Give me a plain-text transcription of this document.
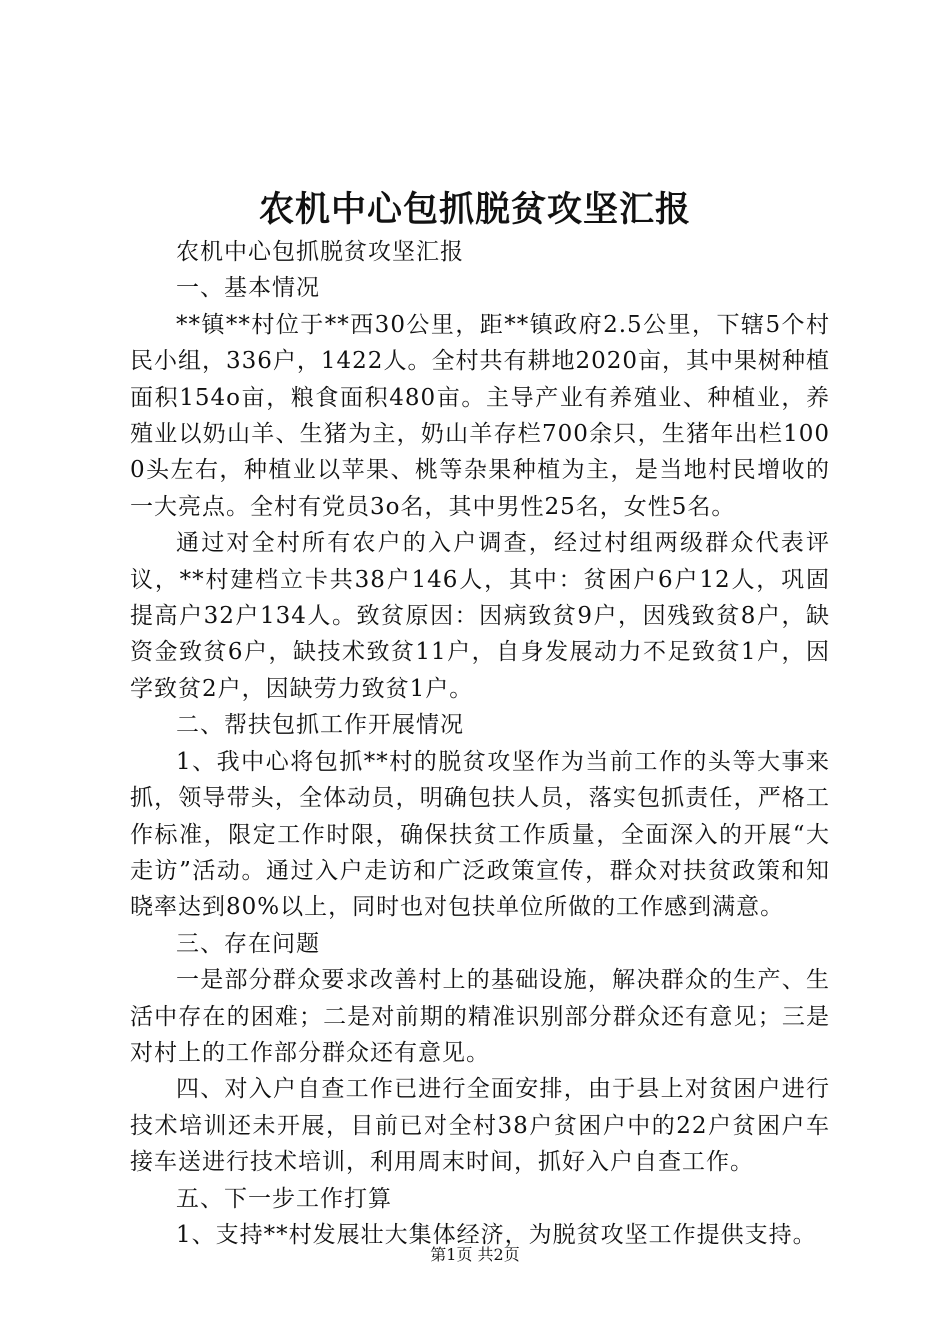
农机中心包抓脱贫攻坚汇报

农机中心包抓脱贫攻坚汇报

一、基本情况

**镇**村位于**西30公里，距**镇政府2.5公里，下辖5个村民小组，336户，1422人。全村共有耕地2020亩，其中果树种植面积154o亩，粮食面积480亩。主导产业有养殖业、种植业，养殖业以奶山羊、生猪为主，奶山羊存栏700余只，生猪年出栏1000头左右，种植业以苹果、桃等杂果种植为主，是当地村民增收的一大亮点。全村有党员3o名，其中男性25名，女性5名。

通过对全村所有农户的入户调查，经过村组两级群众代表评议，**村建档立卡共38户146人，其中：贫困户6户12人，巩固提高户32户134人。致贫原因：因病致贫9户，因残致贫8户，缺资金致贫6户，缺技术致贫11户，自身发展动力不足致贫1户，因学致贫2户，因缺劳力致贫1户。

二、帮扶包抓工作开展情况

1、我中心将包抓**村的脱贫攻坚作为当前工作的头等大事来抓，领导带头，全体动员，明确包扶人员，落实包抓责任，严格工作标准，限定工作时限，确保扶贫工作质量，全面深入的开展“大走访”活动。通过入户走访和广泛政策宣传，群众对扶贫政策和知晓率达到80%以上，同时也对包扶单位所做的工作感到满意。

三、存在问题

一是部分群众要求改善村上的基础设施，解决群众的生产、生活中存在的困难；二是对前期的精准识别部分群众还有意见；三是对村上的工作部分群众还有意见。

四、对入户自查工作已进行全面安排，由于县上对贫困户进行技术培训还未开展，目前已对全村38户贫困户中的22户贫困户车接车送进行技术培训，利用周末时间，抓好入户自查工作。

五、下一步工作打算

1、支持**村发展壮大集体经济，为脱贫攻坚工作提供支持。

第1页 共2页
